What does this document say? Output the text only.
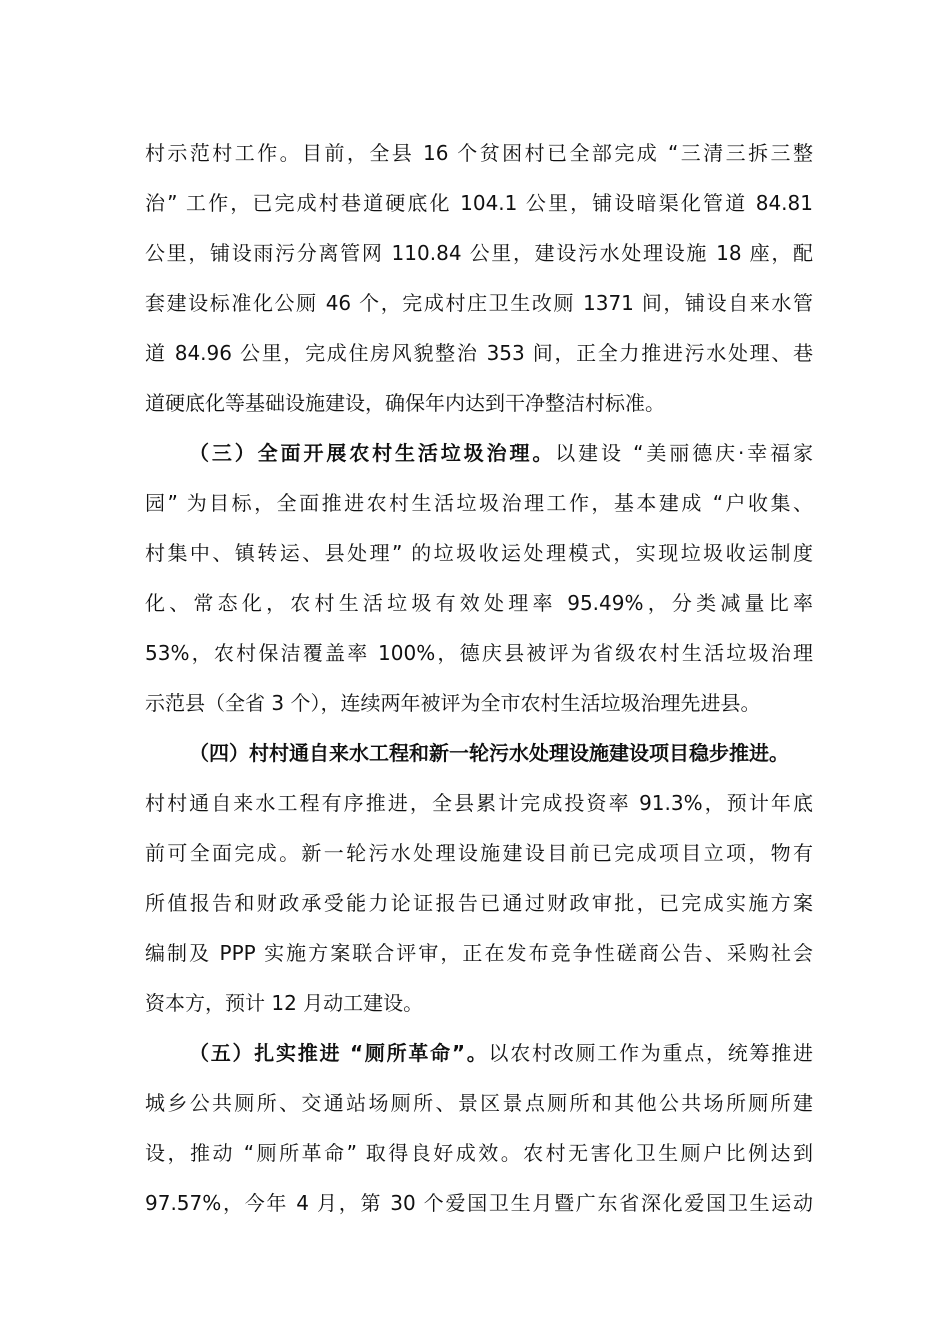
村示范村工作。目前，全县 16 个贫困村已全部完成 “三清三拆三整
治” 工作，已完成村巷道硬底化 104.1 公里，铺设暗渠化管道 84.81
公里，铺设雨污分离管网 110.84 公里，建设污水处理设施 18 座，配
套建设标准化公厕 46 个，完成村庄卫生改厕 1371 间，铺设自来水管
道 84.96 公里，完成住房风貌整治 353 间，正全力推进污水处理、巷
道硬底化等基础设施建设，确保年内达到干净整洁村标准。
（三）全面开展农村生活垃圾治理。以建设 “美丽德庆·幸福家
园” 为目标，全面推进农村生活垃圾治理工作，基本建成 “户收集、
村集中、镇转运、县处理” 的垃圾收运处理模式，实现垃圾收运制度
化、常态化，农村生活垃圾有效处理率 95.49%，分类减量比率
53%，农村保洁覆盖率 100%，德庆县被评为省级农村生活垃圾治理
示范县（全省 3 个），连续两年被评为全市农村生活垃圾治理先进县。
（四）村村通自来水工程和新一轮污水处理设施建设项目稳步推进。
村村通自来水工程有序推进，全县累计完成投资率 91.3%，预计年底
前可全面完成。新一轮污水处理设施建设目前已完成项目立项，物有
所值报告和财政承受能力论证报告已通过财政审批，已完成实施方案
编制及 PPP 实施方案联合评审，正在发布竞争性磋商公告、采购社会
资本方，预计 12 月动工建设。
（五）扎实推进 “厕所革命”。以农村改厕工作为重点，统筹推进
城乡公共厕所、交通站场厕所、景区景点厕所和其他公共场所厕所建
设，推动 “厕所革命” 取得良好成效。农村无害化卫生厕户比例达到
97.57%，今年 4 月，第 30 个爱国卫生月暨广东省深化爱国卫生运动
